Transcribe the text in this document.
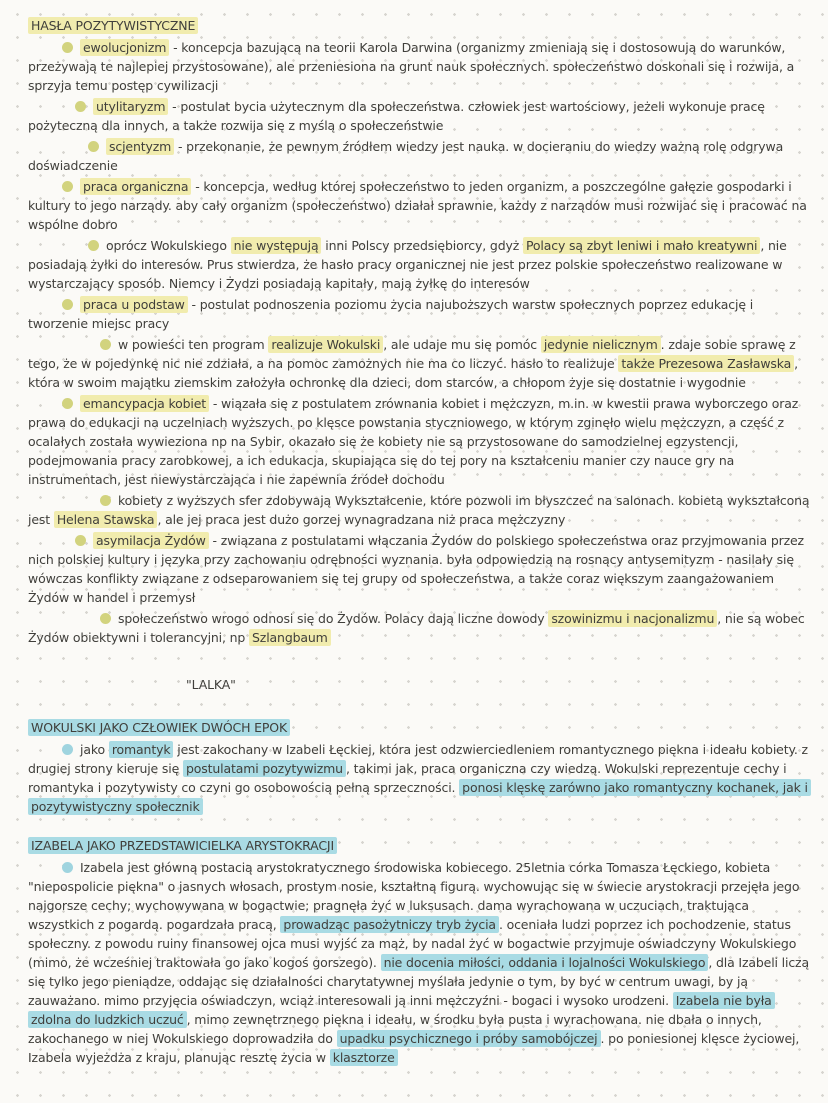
HASŁA POZYTYWISTYCZNE

ewolucjonizm - koncepcja bazującą na teorii Karola Darwina (organizmy zmieniają się i dostosowują do warunków, przeżywają te najlepiej przystosowane), ale przeniesiona na grunt nauk społecznych. społeczeństwo doskonali się i rozwija, a sprzyja temu postęp cywilizacji

utylitaryzm - postulat bycia użytecznym dla społeczeństwa. człowiek jest wartościowy, jeżeli wykonuje pracę pożyteczną dla innych, a także rozwija się z myślą o społeczeństwie

scjentyzm - przekonanie, że pewnym źródłem wiedzy jest nauka. w docieraniu do wiedzy ważną rolę odgrywa doświadczenie

praca organiczna - koncepcja, według której społeczeństwo to jeden organizm, a poszczególne gałęzie gospodarki i kultury to jego narządy. aby cały organizm (społeczeństwo) działał sprawnie, każdy z narządów musi rozwijać się i pracować na wspólne dobro

oprócz Wokulskiego nie występują inni Polscy przedsiębiorcy, gdyż Polacy są zbyt leniwi i mało kreatywni , nie posiadają żyłki do interesów. Prus stwierdza, że hasło pracy organicznej nie jest przez polskie społeczeństwo realizowane w wystarczający sposób. Niemcy i Żydzi posiadają kapitały, mają żyłkę do interesów

praca u podstaw - postulat podnoszenia poziomu życia najuboższych warstw społecznych poprzez edukację i tworzenie miejsc pracy

w powieści ten program realizuje Wokulski , ale udaje mu się pomóc jedynie nielicznym . zdaje sobie sprawę z tego, że w pojedynkę nic nie zdziała, a na pomoc zamożnych nie ma co liczyć. hasło to realizuje także Prezesowa Zasławska , która w swoim majątku ziemskim założyła ochronkę dla dzieci, dom starców, a chłopom żyje się dostatnie i wygodnie

emancypacja kobiet - wiązała się z postulatem zrównania kobiet i mężczyzn, m.in. w kwestii prawa wyborczego oraz prawa do edukacji na uczelniach wyższych. po klęsce powstania styczniowego, w którym zginęło wielu mężczyzn, a część z ocalałych została wywieziona np na Sybir, okazało się że kobiety nie są przystosowane do samodzielnej egzystencji, podejmowania pracy zarobkowej, a ich edukacja, skupiająca się do tej pory na kształceniu manier czy nauce gry na instrumentach, jest niewystarczająca i nie zapewnia źródeł dochodu

kobiety z wyższych sfer zdobywają Wykształcenie, które pozwoli im błyszczeć na salonach. kobietą wykształconą jest Helena Stawska , ale jej praca jest dużo gorzej wynagradzana niż praca mężczyzny

asymilacja Żydów - związana z postulatami włączania Żydów do polskiego społeczeństwa oraz przyjmowania przez nich polskiej kultury i języka przy zachowaniu odrębności wyznania. była odpowiedzią na rosnący antysemityzm - nasilały się wówczas konflikty związane z odseparowaniem się tej grupy od społeczeństwa, a także coraz większym zaangażowaniem Żydów w handel i przemysł

społeczeństwo wrogo odnosi się do Żydów. Polacy dają liczne dowody szowinizmu i nacjonalizmu , nie są wobec Żydów obiektywni i tolerancyjni, np Szlangbaum

"LALKA"

WOKULSKI JAKO CZŁOWIEK DWÓCH EPOK

jako romantyk jest zakochany w Izabeli Łęckiej, która jest odzwierciedleniem romantycznego piękna i ideału kobiety. z drugiej strony kieruje się postulatami pozytywizmu , takimi jak, praca organiczna czy wiedzą. Wokulski reprezentuje cechy i romantyka i pozytywisty co czyni go osobowością pełną sprzeczności. ponosi klęskę zarówno jako romantyczny kochanek, jak i pozytywistyczny społecznik

IZABELA JAKO PRZEDSTAWICIELKA ARYSTOKRACJI

Izabela jest główną postacią arystokratycznego środowiska kobiecego. 25letnia córka Tomasza Łęckiego, kobieta "niepospolicie piękna" o jasnych włosach, prostym nosie, kształtną figurą. wychowując się w świecie arystokracji przejęła jego najgorsze cechy; wychowywana w bogactwie; pragnęła żyć w luksusach. dama wyrachowana w uczuciach, traktująca wszystkich z pogardą. pogardzała pracą, prowadząc pasożytniczy tryb życia . oceniała ludzi poprzez ich pochodzenie, status społeczny. z powodu ruiny finansowej ojca musi wyjść za mąż, by nadal żyć w bogactwie przyjmuje oświadczyny Wokulskiego (mimo, że wcześniej traktowała go jako kogoś gorszego). nie docenia miłości, oddania i lojalności Wokulskiego , dla Izabeli liczą się tylko jego pieniądze, oddając się działalności charytatywnej myślała jedynie o tym, by być w centrum uwagi, by ją zauważano. mimo przyjęcia oświadczyn, wciąż interesowali ją inni mężczyźni - bogaci i wysoko urodzeni. Izabela nie była zdolna do ludzkich uczuć , mimo zewnętrznego piękna i ideału, w środku była pusta i wyrachowana. nie dbała o innych, zakochanego w niej Wokulskiego doprowadziła do upadku psychicznego i próby samobójczej . po poniesionej klęsce życiowej, Izabela wyjeżdża z kraju, planując resztę życia w klasztorze
